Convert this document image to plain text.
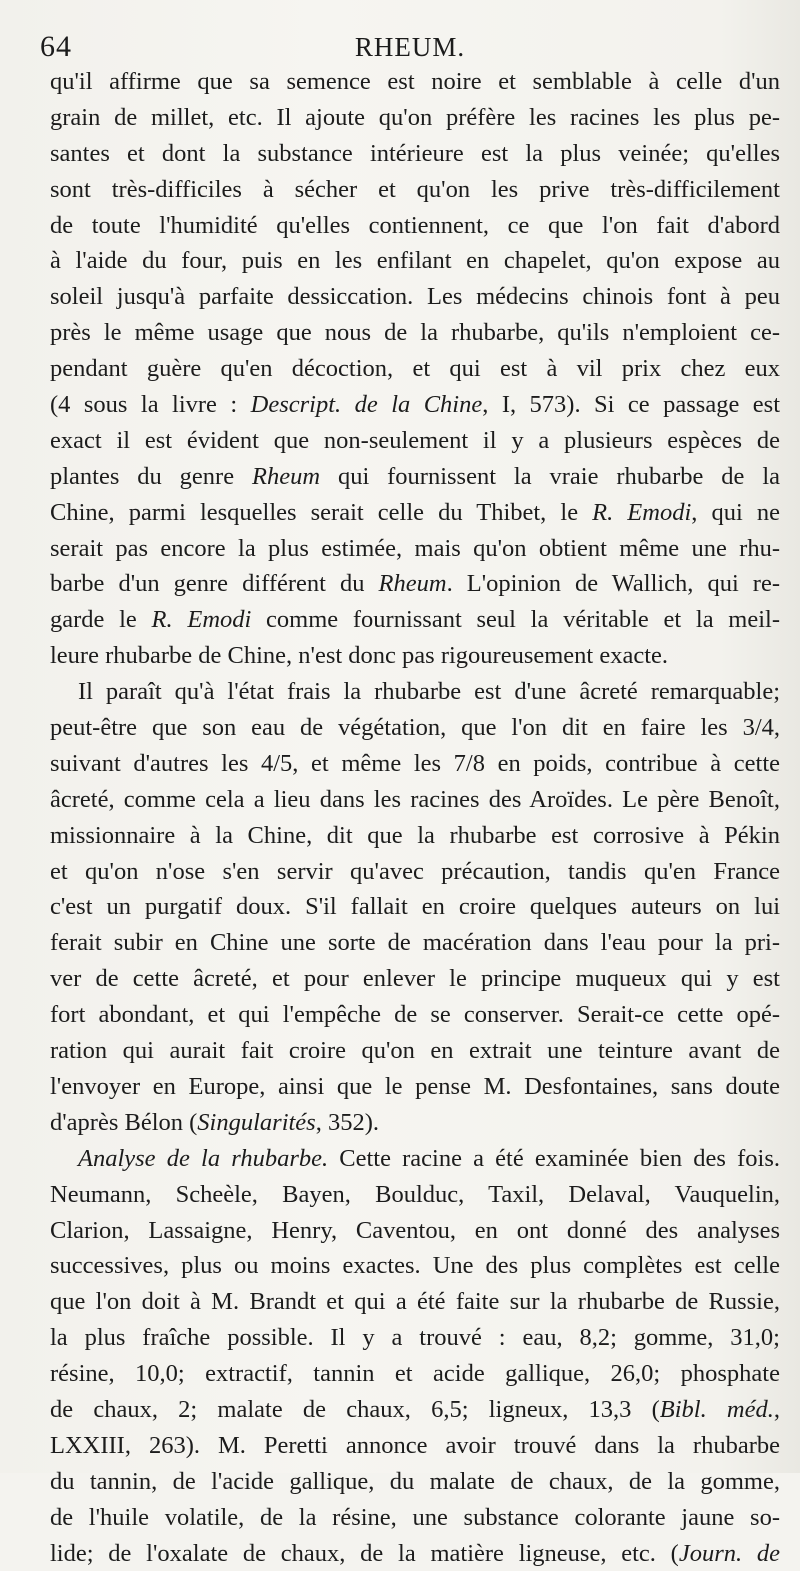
64	RHEUM.
qu'il affirme que sa semence est noire et semblable à celle d'un
grain de millet, etc. Il ajoute qu'on préfère les racines les plus pe-
santes et dont la substance intérieure est la plus veinée; qu'elles
sont très-difficiles à sécher et qu'on les prive très-difficilement
de toute l'humidité qu'elles contiennent, ce que l'on fait d'abord
à l'aide du four, puis en les enfilant en chapelet, qu'on expose au
soleil jusqu'à parfaite dessiccation. Les médecins chinois font à peu
près le même usage que nous de la rhubarbe, qu'ils n'emploient ce-
pendant guère qu'en décoction, et qui est à vil prix chez eux
(4 sous la livre : Descript. de la Chine, I, 573). Si ce passage est
exact il est évident que non-seulement il y a plusieurs espèces de
plantes du genre Rheum qui fournissent la vraie rhubarbe de la
Chine, parmi lesquelles serait celle du Thibet, le R. Emodi, qui ne
serait pas encore la plus estimée, mais qu'on obtient même une rhu-
barbe d'un genre différent du Rheum. L'opinion de Wallich, qui re-
garde le R. Emodi comme fournissant seul la véritable et la meil-
leure rhubarbe de Chine, n'est donc pas rigoureusement exacte.
Il paraît qu'à l'état frais la rhubarbe est d'une âcreté remarquable;
peut-être que son eau de végétation, que l'on dit en faire les 3/4,
suivant d'autres les 4/5, et même les 7/8 en poids, contribue à cette
âcreté, comme cela a lieu dans les racines des Aroïdes. Le père Benoît,
missionnaire à la Chine, dit que la rhubarbe est corrosive à Pékin
et qu'on n'ose s'en servir qu'avec précaution, tandis qu'en France
c'est un purgatif doux. S'il fallait en croire quelques auteurs on lui
ferait subir en Chine une sorte de macération dans l'eau pour la pri-
ver de cette âcreté, et pour enlever le principe muqueux qui y est
fort abondant, et qui l'empêche de se conserver. Serait-ce cette opé-
ration qui aurait fait croire qu'on en extrait une teinture avant de
l'envoyer en Europe, ainsi que le pense M. Desfontaines, sans doute
d'après Bélon (Singularités, 352).
Analyse de la rhubarbe. Cette racine a été examinée bien des fois.
Neumann, Scheèle, Bayen, Boulduc, Taxil, Delaval, Vauquelin,
Clarion, Lassaigne, Henry, Caventou, en ont donné des analyses
successives, plus ou moins exactes. Une des plus complètes est celle
que l'on doit à M. Brandt et qui a été faite sur la rhubarbe de Russie,
la plus fraîche possible. Il y a trouvé : eau, 8,2; gomme, 31,0;
résine, 10,0; extractif, tannin et acide gallique, 26,0; phosphate
de chaux, 2; malate de chaux, 6,5; ligneux, 13,3 (Bibl. méd.,
LXXIII, 263). M. Peretti annonce avoir trouvé dans la rhubarbe
du tannin, de l'acide gallique, du malate de chaux, de la gomme,
de l'huile volatile, de la résine, une substance colorante jaune so-
lide; de l'oxalate de chaux, de la matière ligneuse, etc. (Journ. de
